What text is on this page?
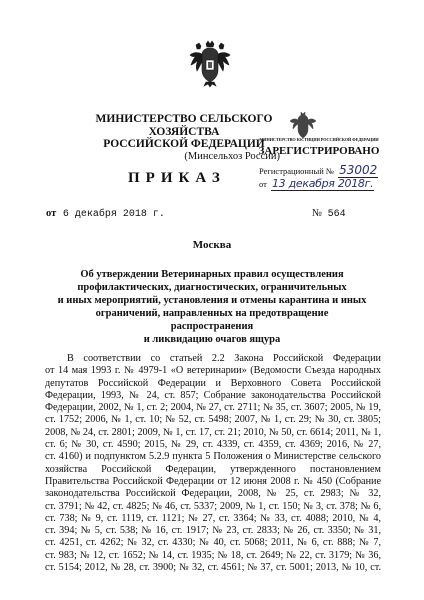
МИНИСТЕРСТВО СЕЛЬСКОГО ХОЗЯЙСТВА
РОССИЙСКОЙ ФЕДЕРАЦИИ
(Минсельхоз России)
ПРИКАЗ
МИНИСТЕРСТВО ЮСТИЦИИ РОССИЙСКОЙ ФЕДЕРАЦИИ
ЗАРЕГИСТРИРОВАНО
Регистрационный № 53002
от 13 декабря 2018г.
от 6 декабря 2018 г.	№ 564
Москва
Об утверждении Ветеринарных правил осуществления
профилактических, диагностических, ограничительных
и иных мероприятий, установления и отмены карантина и иных
ограничений, направленных на предотвращение распространения
и ликвидацию очагов ящура
В соответствии со статьей 2.2 Закона Российской Федерации
от 14 мая 1993 г. № 4979-1 «О ветеринарии» (Ведомости Съезда народных
депутатов Российской Федерации и Верховного Совета Российской
Федерации, 1993, № 24, ст. 857; Собрание законодательства Российской
Федерации, 2002, № 1, ст. 2; 2004, № 27, ст. 2711; № 35, ст. 3607; 2005, № 19,
ст. 1752; 2006, № 1, ст. 10; № 52, ст. 5498; 2007, № 1, ст. 29; № 30, ст. 3805;
2008, № 24, ст. 2801; 2009, № 1, ст. 17, ст. 21; 2010, № 50, ст. 6614; 2011, № 1,
ст. 6; № 30, ст. 4590; 2015, № 29, ст. 4339, ст. 4359, ст. 4369; 2016, № 27,
ст. 4160) и подпунктом 5.2.9 пункта 5 Положения о Министерстве сельского
хозяйства Российской Федерации, утвержденного постановлением
Правительства Российской Федерации от 12 июня 2008 г. № 450 (Собрание
законодательства Российской Федерации, 2008, № 25, ст. 2983; № 32,
ст. 3791; № 42, ст. 4825; № 46, ст. 5337; 2009, № 1, ст. 150; № 3, ст. 378; № 6,
ст. 738; № 9, ст. 1119, ст. 1121; № 27, ст. 3364; № 33, ст. 4088; 2010, № 4,
ст. 394; № 5, ст. 538; № 16, ст. 1917; № 23, ст. 2833; № 26, ст. 3350; № 31,
ст. 4251, ст. 4262; № 32, ст. 4330; № 40, ст. 5068; 2011, № 6, ст. 888; № 7,
ст. 983; № 12, ст. 1652; № 14, ст. 1935; № 18, ст. 2649; № 22, ст. 3179; № 36,
ст. 5154; 2012, № 28, ст. 3900; № 32, ст. 4561; № 37, ст. 5001; 2013, № 10, ст.
